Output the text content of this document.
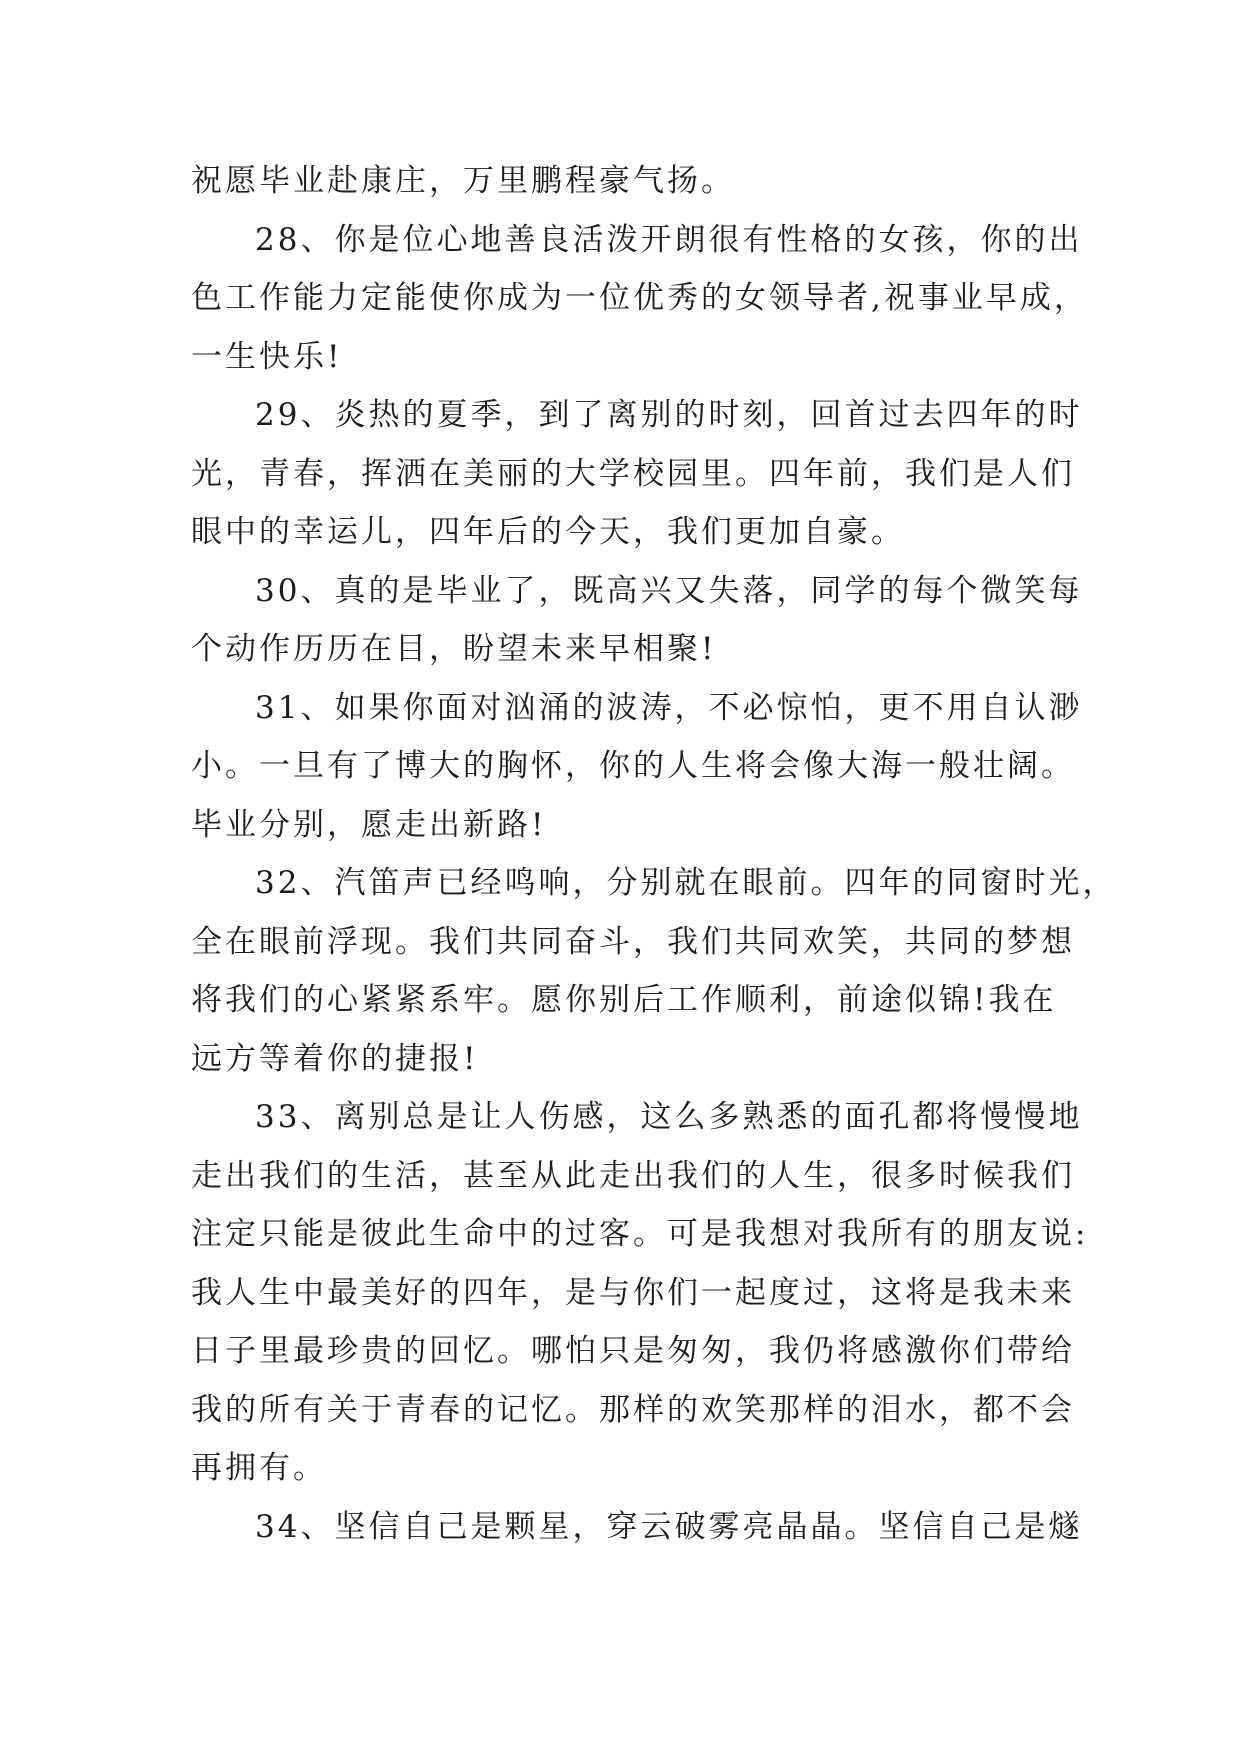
祝愿毕业赴康庄，万里鹏程豪气扬。
28、你是位心地善良活泼开朗很有性格的女孩，你的出
色工作能力定能使你成为一位优秀的女领导者,祝事业早成，
一生快乐!
29、炎热的夏季，到了离别的时刻，回首过去四年的时
光，青春，挥洒在美丽的大学校园里。四年前，我们是人们
眼中的幸运儿，四年后的今天，我们更加自豪。
30、真的是毕业了，既高兴又失落，同学的每个微笑每
个动作历历在目，盼望未来早相聚!
31、如果你面对汹涌的波涛，不必惊怕，更不用自认渺
小。一旦有了博大的胸怀，你的人生将会像大海一般壮阔。
毕业分别，愿走出新路!
32、汽笛声已经鸣响，分别就在眼前。四年的同窗时光，
全在眼前浮现。我们共同奋斗，我们共同欢笑，共同的梦想
将我们的心紧紧系牢。愿你别后工作顺利，前途似锦!我在
远方等着你的捷报!
33、离别总是让人伤感，这么多熟悉的面孔都将慢慢地
走出我们的生活，甚至从此走出我们的人生，很多时候我们
注定只能是彼此生命中的过客。可是我想对我所有的朋友说:
我人生中最美好的四年，是与你们一起度过，这将是我未来
日子里最珍贵的回忆。哪怕只是匆匆，我仍将感激你们带给
我的所有关于青春的记忆。那样的欢笑那样的泪水，都不会
再拥有。
34、坚信自己是颗星，穿云破雾亮晶晶。坚信自己是燧
